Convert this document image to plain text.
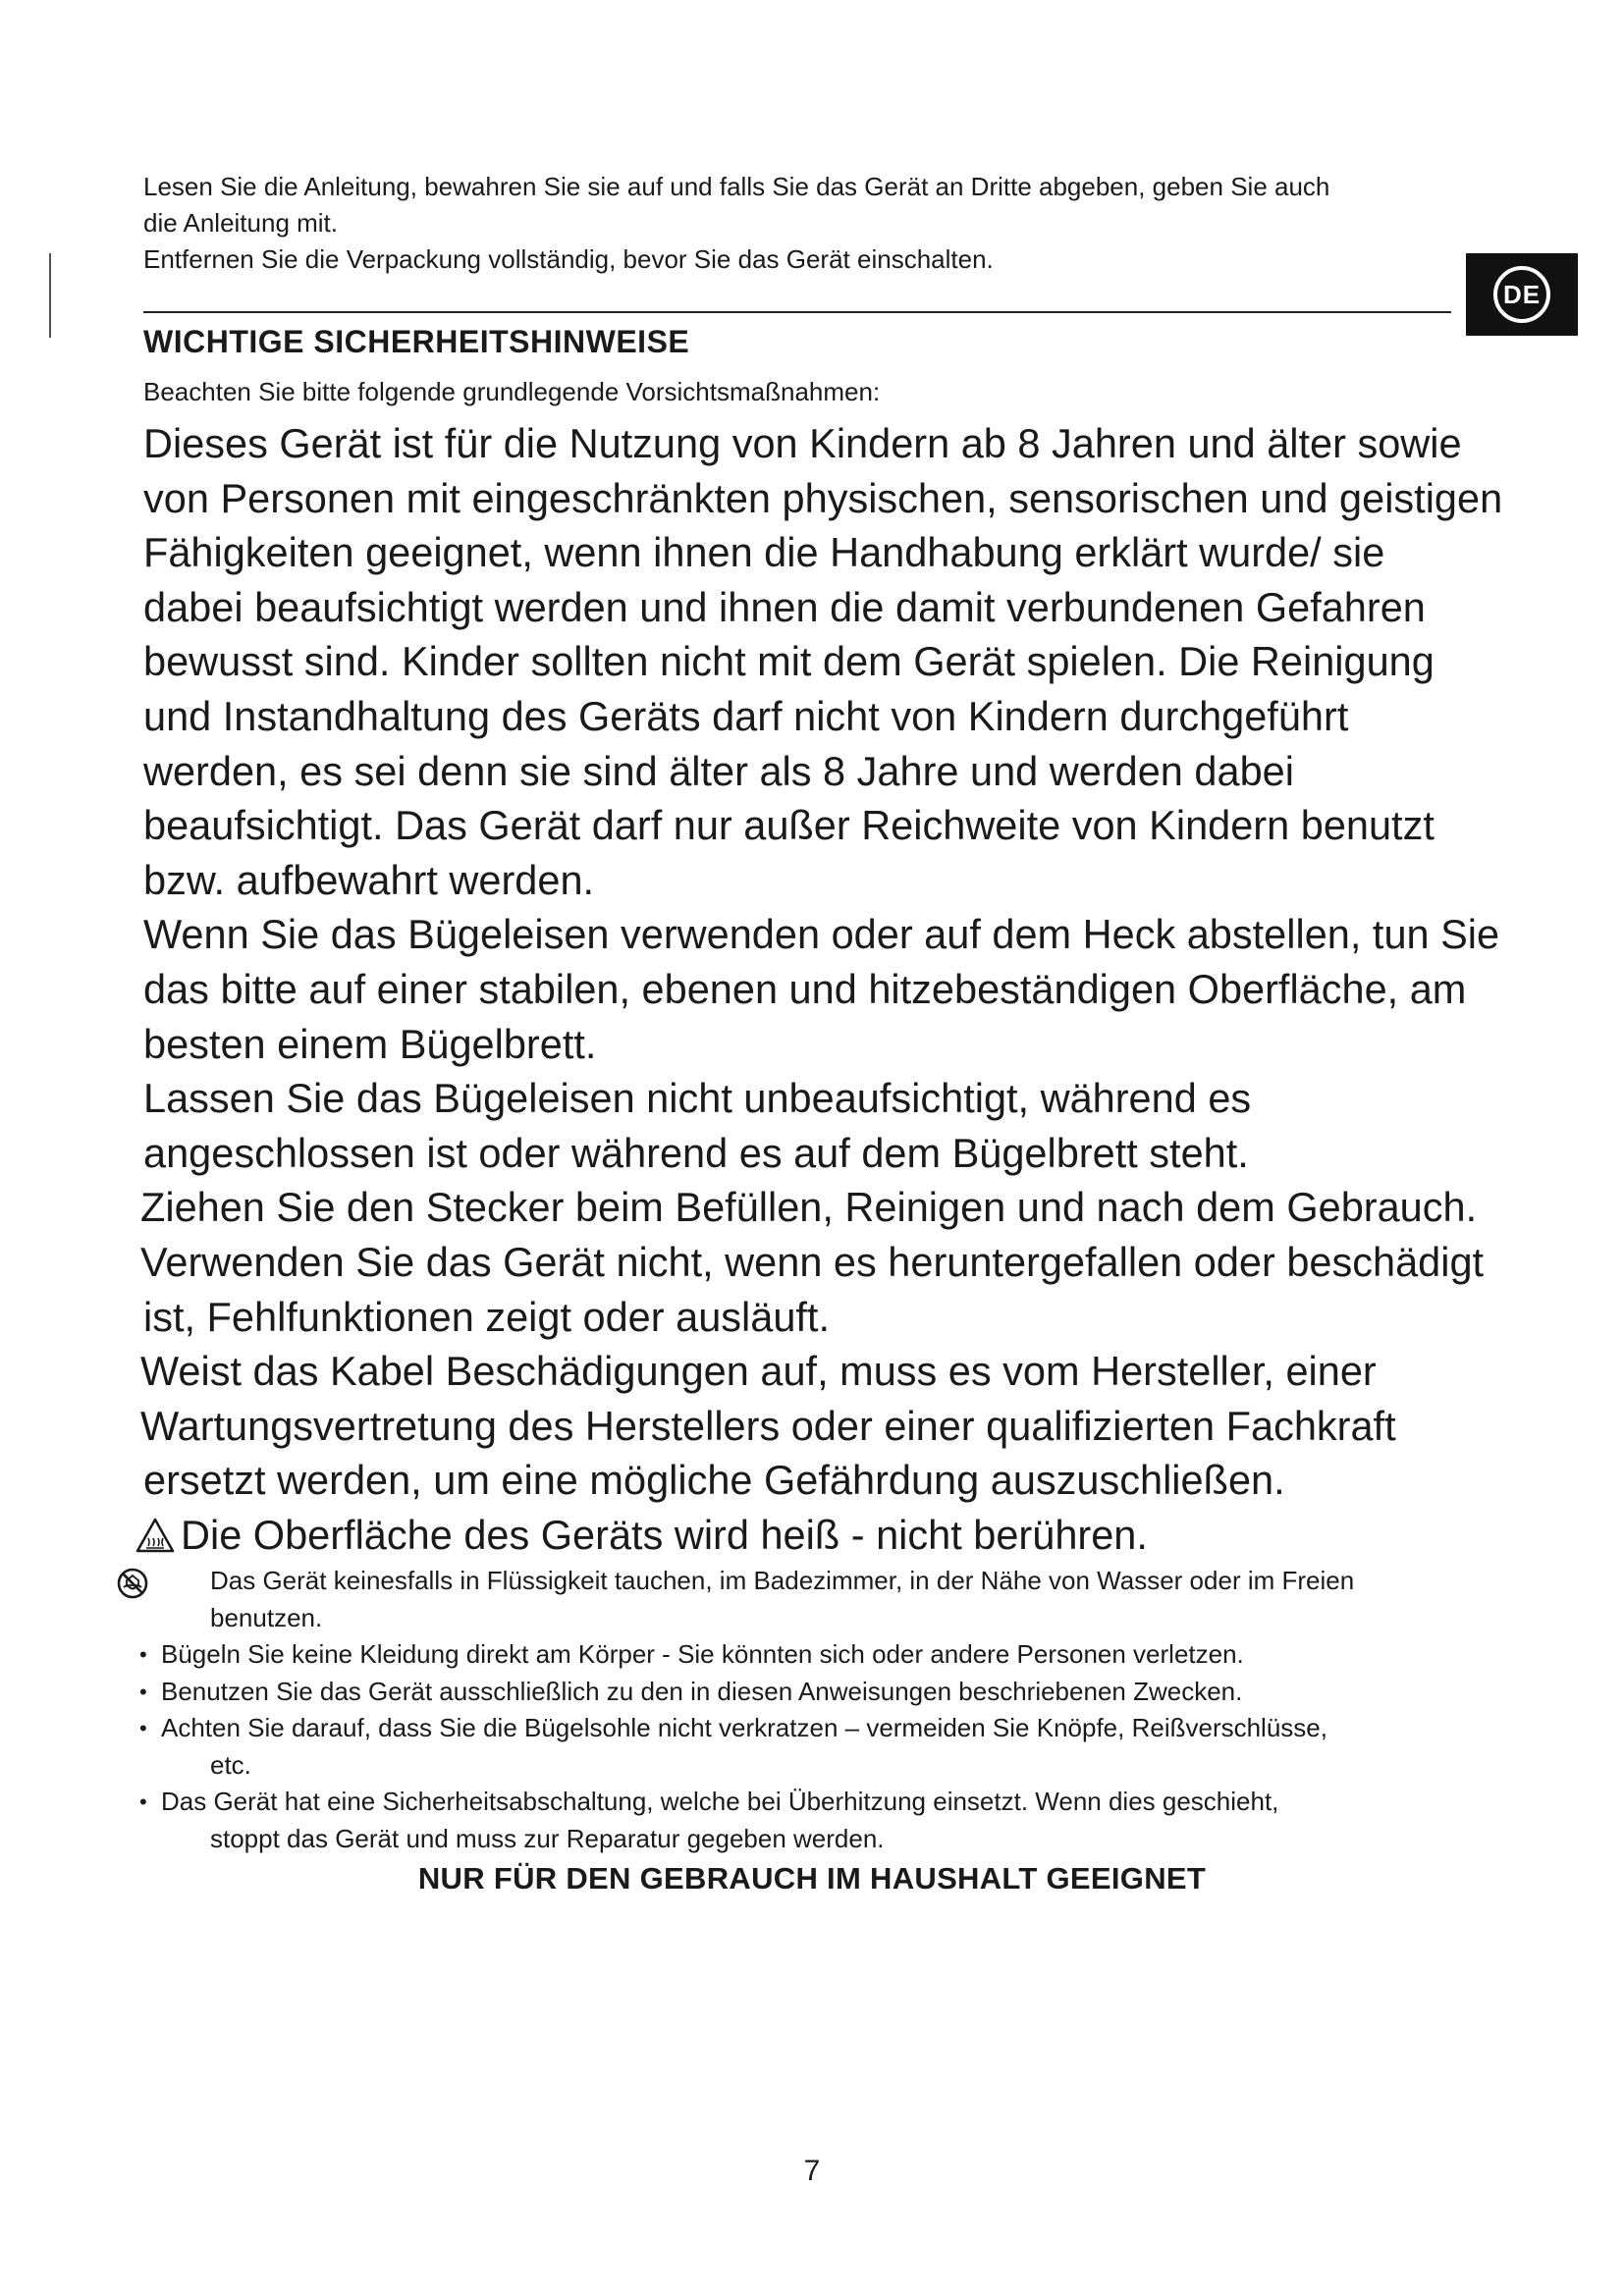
Lesen Sie die Anleitung, bewahren Sie sie auf und falls Sie das Gerät an Dritte abgeben, geben Sie auch

die Anleitung mit.

Entfernen Sie die Verpackung vollständig, bevor Sie das Gerät einschalten.

DE
WICHTIGE SICHERHEITSHINWEISE
Beachten Sie bitte folgende grundlegende Vorsichtsmaßnahmen:

Dieses Gerät ist für die Nutzung von Kindern ab 8 Jahren und älter sowie

von Personen mit eingeschränkten physischen, sensorischen und geistigen

Fähigkeiten geeignet, wenn ihnen die Handhabung erklärt wurde/ sie

dabei beaufsichtigt werden und ihnen die damit verbundenen Gefahren

bewusst sind. Kinder sollten nicht mit dem Gerät spielen. Die Reinigung

und Instandhaltung des Geräts darf nicht von Kindern durchgeführt

werden, es sei denn sie sind älter als 8 Jahre und werden dabei

beaufsichtigt. Das Gerät darf nur außer Reichweite von Kindern benutzt

bzw. aufbewahrt werden.

Wenn Sie das Bügeleisen verwenden oder auf dem Heck abstellen, tun Sie

das bitte auf einer stabilen, ebenen und hitzebeständigen Oberfläche, am

besten einem Bügelbrett.

Lassen Sie das Bügeleisen nicht unbeaufsichtigt, während es

angeschlossen ist oder während es auf dem Bügelbrett steht.

Ziehen Sie den Stecker beim Befüllen, Reinigen und nach dem Gebrauch.

Verwenden Sie das Gerät nicht, wenn es heruntergefallen oder beschädigt

ist, Fehlfunktionen zeigt oder ausläuft.

Weist das Kabel Beschädigungen auf, muss es vom Hersteller, einer

Wartungsvertretung des Herstellers oder einer qualifizierten Fachkraft

ersetzt werden, um eine mögliche Gefährdung auszuschließen.

Die Oberfläche des Geräts wird heiß - nicht berühren.
Das Gerät keinesfalls in Flüssigkeit tauchen, im Badezimmer, in der Nähe von Wasser oder im Freien
benutzen.
• Bügeln Sie keine Kleidung direkt am Körper - Sie könnten sich oder andere Personen verletzen.
• Benutzen Sie das Gerät ausschließlich zu den in diesen Anweisungen beschriebenen Zwecken.
• Achten Sie darauf, dass Sie die Bügelsohle nicht verkratzen – vermeiden Sie Knöpfe, Reißverschlüsse,
etc.
• Das Gerät hat eine Sicherheitsabschaltung, welche bei Überhitzung einsetzt. Wenn dies geschieht,
stoppt das Gerät und muss zur Reparatur gegeben werden.
NUR FÜR DEN GEBRAUCH IM HAUSHALT GEEIGNET
7
